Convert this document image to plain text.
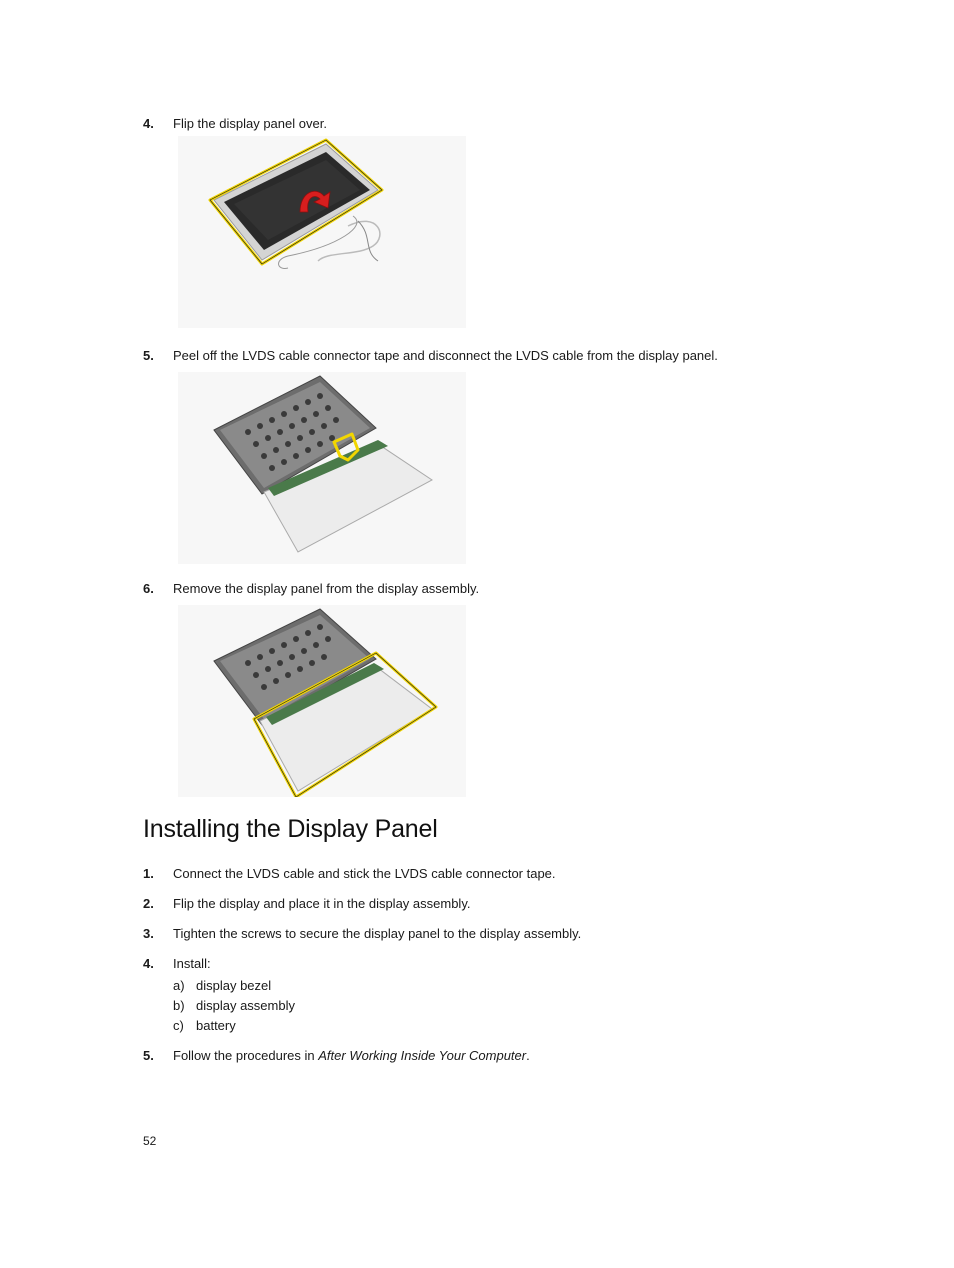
4. Flip the display panel over.
5. Peel off the LVDS cable connector tape and disconnect the LVDS cable from the display panel.
6. Remove the display panel from the display assembly.
Installing the Display Panel
1. Connect the LVDS cable and stick the LVDS cable connector tape.
2. Flip the display and place it in the display assembly.
3. Tighten the screws to secure the display panel to the display assembly.
4. Install:
a) display bezel
b) display assembly
c) battery
5. Follow the procedures in After Working Inside Your Computer.
52
